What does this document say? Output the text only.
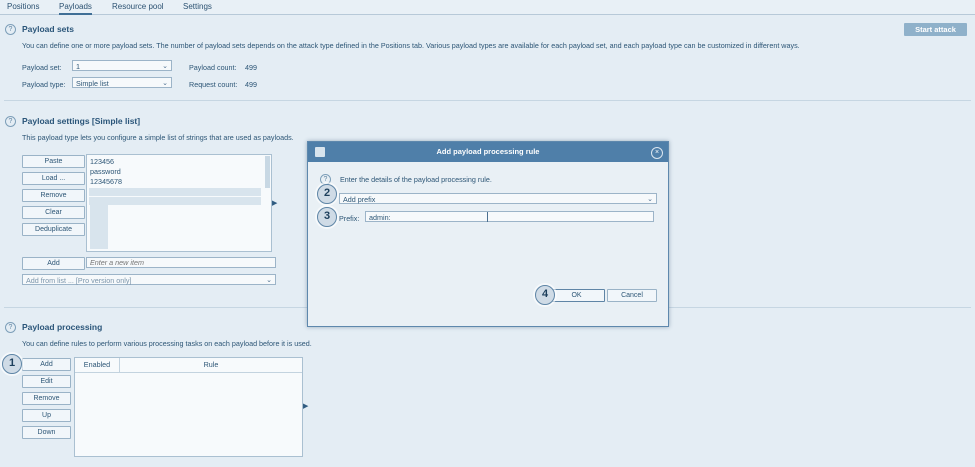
Positions Payloads	Resource pool Settings
?	Payload sets	Start attack
You can define one or more payload sets. The number of payload sets depends on the attack type defined in the Positions tab. Various payload types are available for each payload set, and each payload type can be customized in different ways.
Payload set:	1	⌄
Payload type:	Simple list	⌄
Payload count: 499
Request count: 499
?	Payload settings [Simple list]
This payload type lets you configure a simple list of strings that are used as payloads.
Paste
Load ...
Remove
Clear
Deduplicate
123456
password
12345678
▶
Add
Enter a new item
Add from list ... [Pro version only]	⌄
?	Payload processing
You can define rules to perform various processing tasks on each payload before it is used.
Add
Edit
Remove
Up
Down
Enabled	Rule
▶
Add payload processing rule	×
?	Enter the details of the payload processing rule.
Add prefix	⌄
Prefix:	admin:
OK	Cancel
1
2
3
4
